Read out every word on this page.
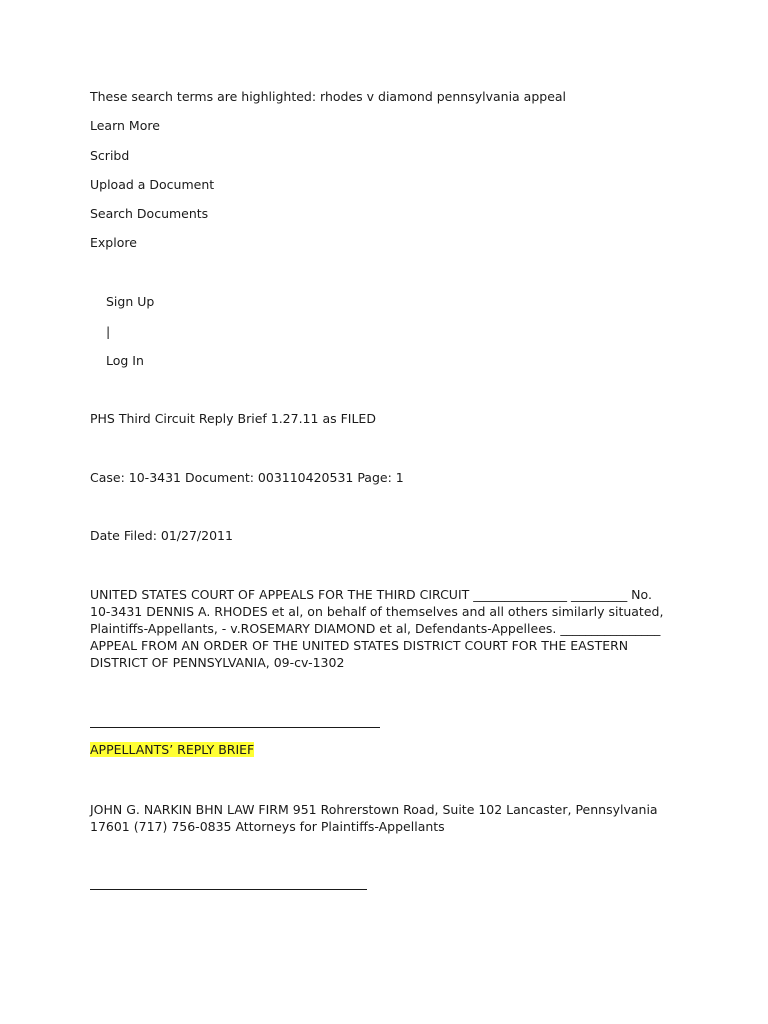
These search terms are highlighted: rhodes v diamond pennsylvania appeal
Learn More
Scribd
Upload a Document
Search Documents
Explore
Sign Up
|
Log In
PHS Third Circuit Reply Brief 1.27.11 as FILED
Case: 10-3431 Document: 003110420531 Page: 1
Date Filed: 01/27/2011
UNITED STATES COURT OF APPEALS FOR THE THIRD CIRCUIT _______________ _________ No. 10-3431 DENNIS A. RHODES et al, on behalf of themselves and all others similarly situated, Plaintiffs-Appellants, - v.ROSEMARY DIAMOND et al, Defendants-Appellees. ________________ APPEAL FROM AN ORDER OF THE UNITED STATES DISTRICT COURT FOR THE EASTERN DISTRICT OF PENNSYLVANIA, 09-cv-1302
APPELLANTS’ REPLY BRIEF
JOHN G. NARKIN BHN LAW FIRM 951 Rohrerstown Road, Suite 102 Lancaster, Pennsylvania 17601 (717) 756-0835 Attorneys for Plaintiffs-Appellants
